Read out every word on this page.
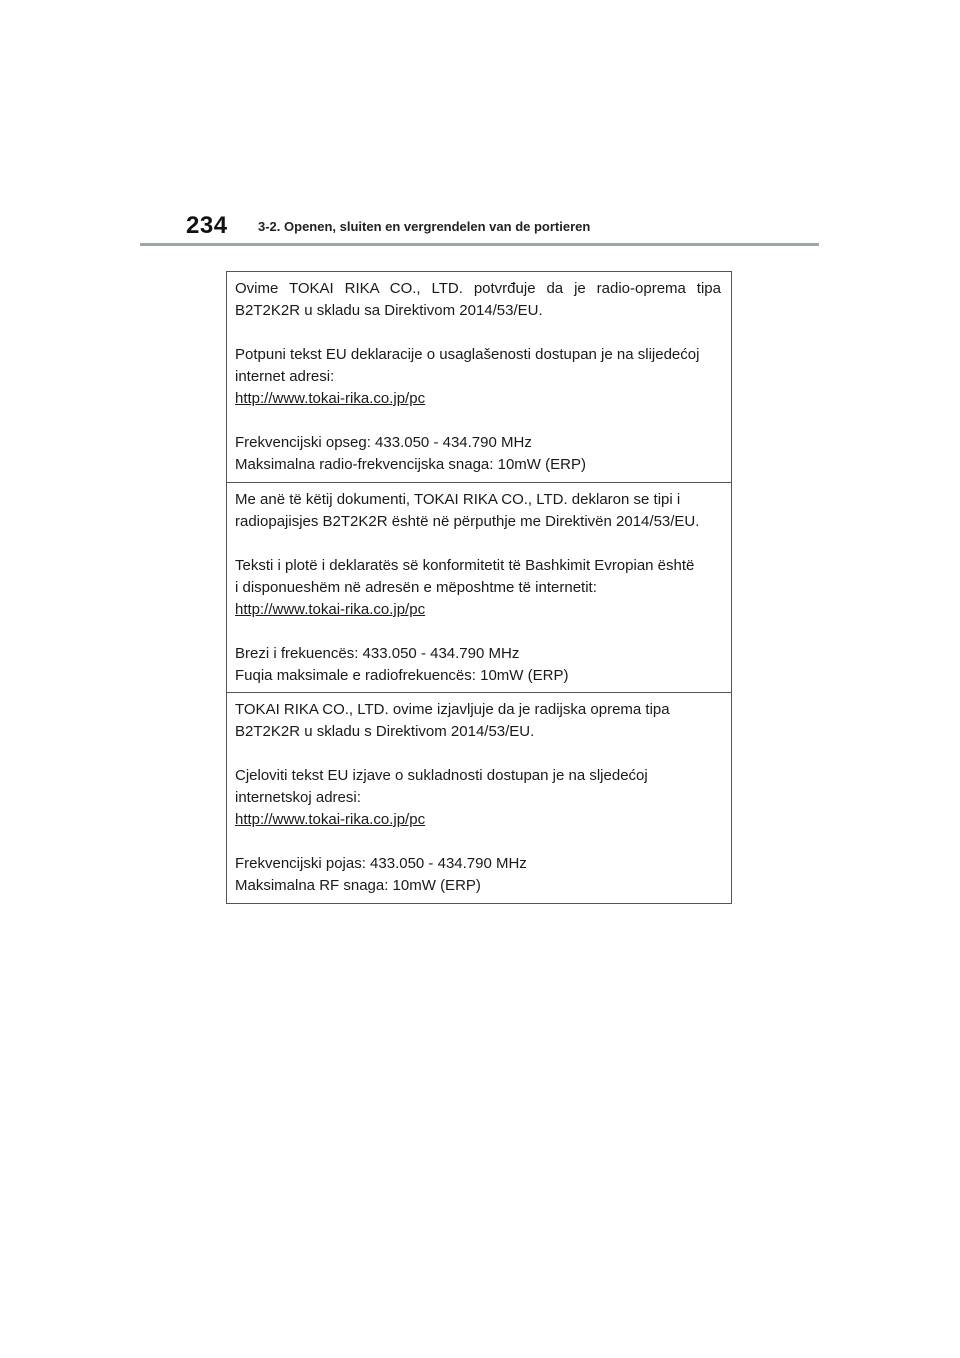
234 3-2. Openen, sluiten en vergrendelen van de portieren

Ovime TOKAI RIKA CO., LTD. potvrđuje da je radio-oprema tipa
B2T2K2R u skladu sa Direktivom 2014/53/EU.

Potpuni tekst EU deklaracije o usaglašenosti dostupan je na slijedećoj
internet adresi:
http://www.tokai-rika.co.jp/pc

Frekvencijski opseg: 433.050 - 434.790 MHz
Maksimalna radio-frekvencijska snaga: 10mW (ERP)

Me anë të këtij dokumenti, TOKAI RIKA CO., LTD. deklaron se tipi i
radiopajisjes B2T2K2R është në përputhje me Direktivën 2014/53/EU.

Teksti i plotë i deklaratës së konformitetit të Bashkimit Evropian është
i disponueshëm në adresën e mëposhtme të internetit:
http://www.tokai-rika.co.jp/pc

Brezi i frekuencës: 433.050 - 434.790 MHz
Fuqia maksimale e radiofrekuencës: 10mW (ERP)

TOKAI RIKA CO., LTD. ovime izjavljuje da je radijska oprema tipa
B2T2K2R u skladu s Direktivom 2014/53/EU.

Cjeloviti tekst EU izjave o sukladnosti dostupan je na sljedećoj
internetskoj adresi:
http://www.tokai-rika.co.jp/pc

Frekvencijski pojas: 433.050 - 434.790 MHz
Maksimalna RF snaga: 10mW (ERP)
